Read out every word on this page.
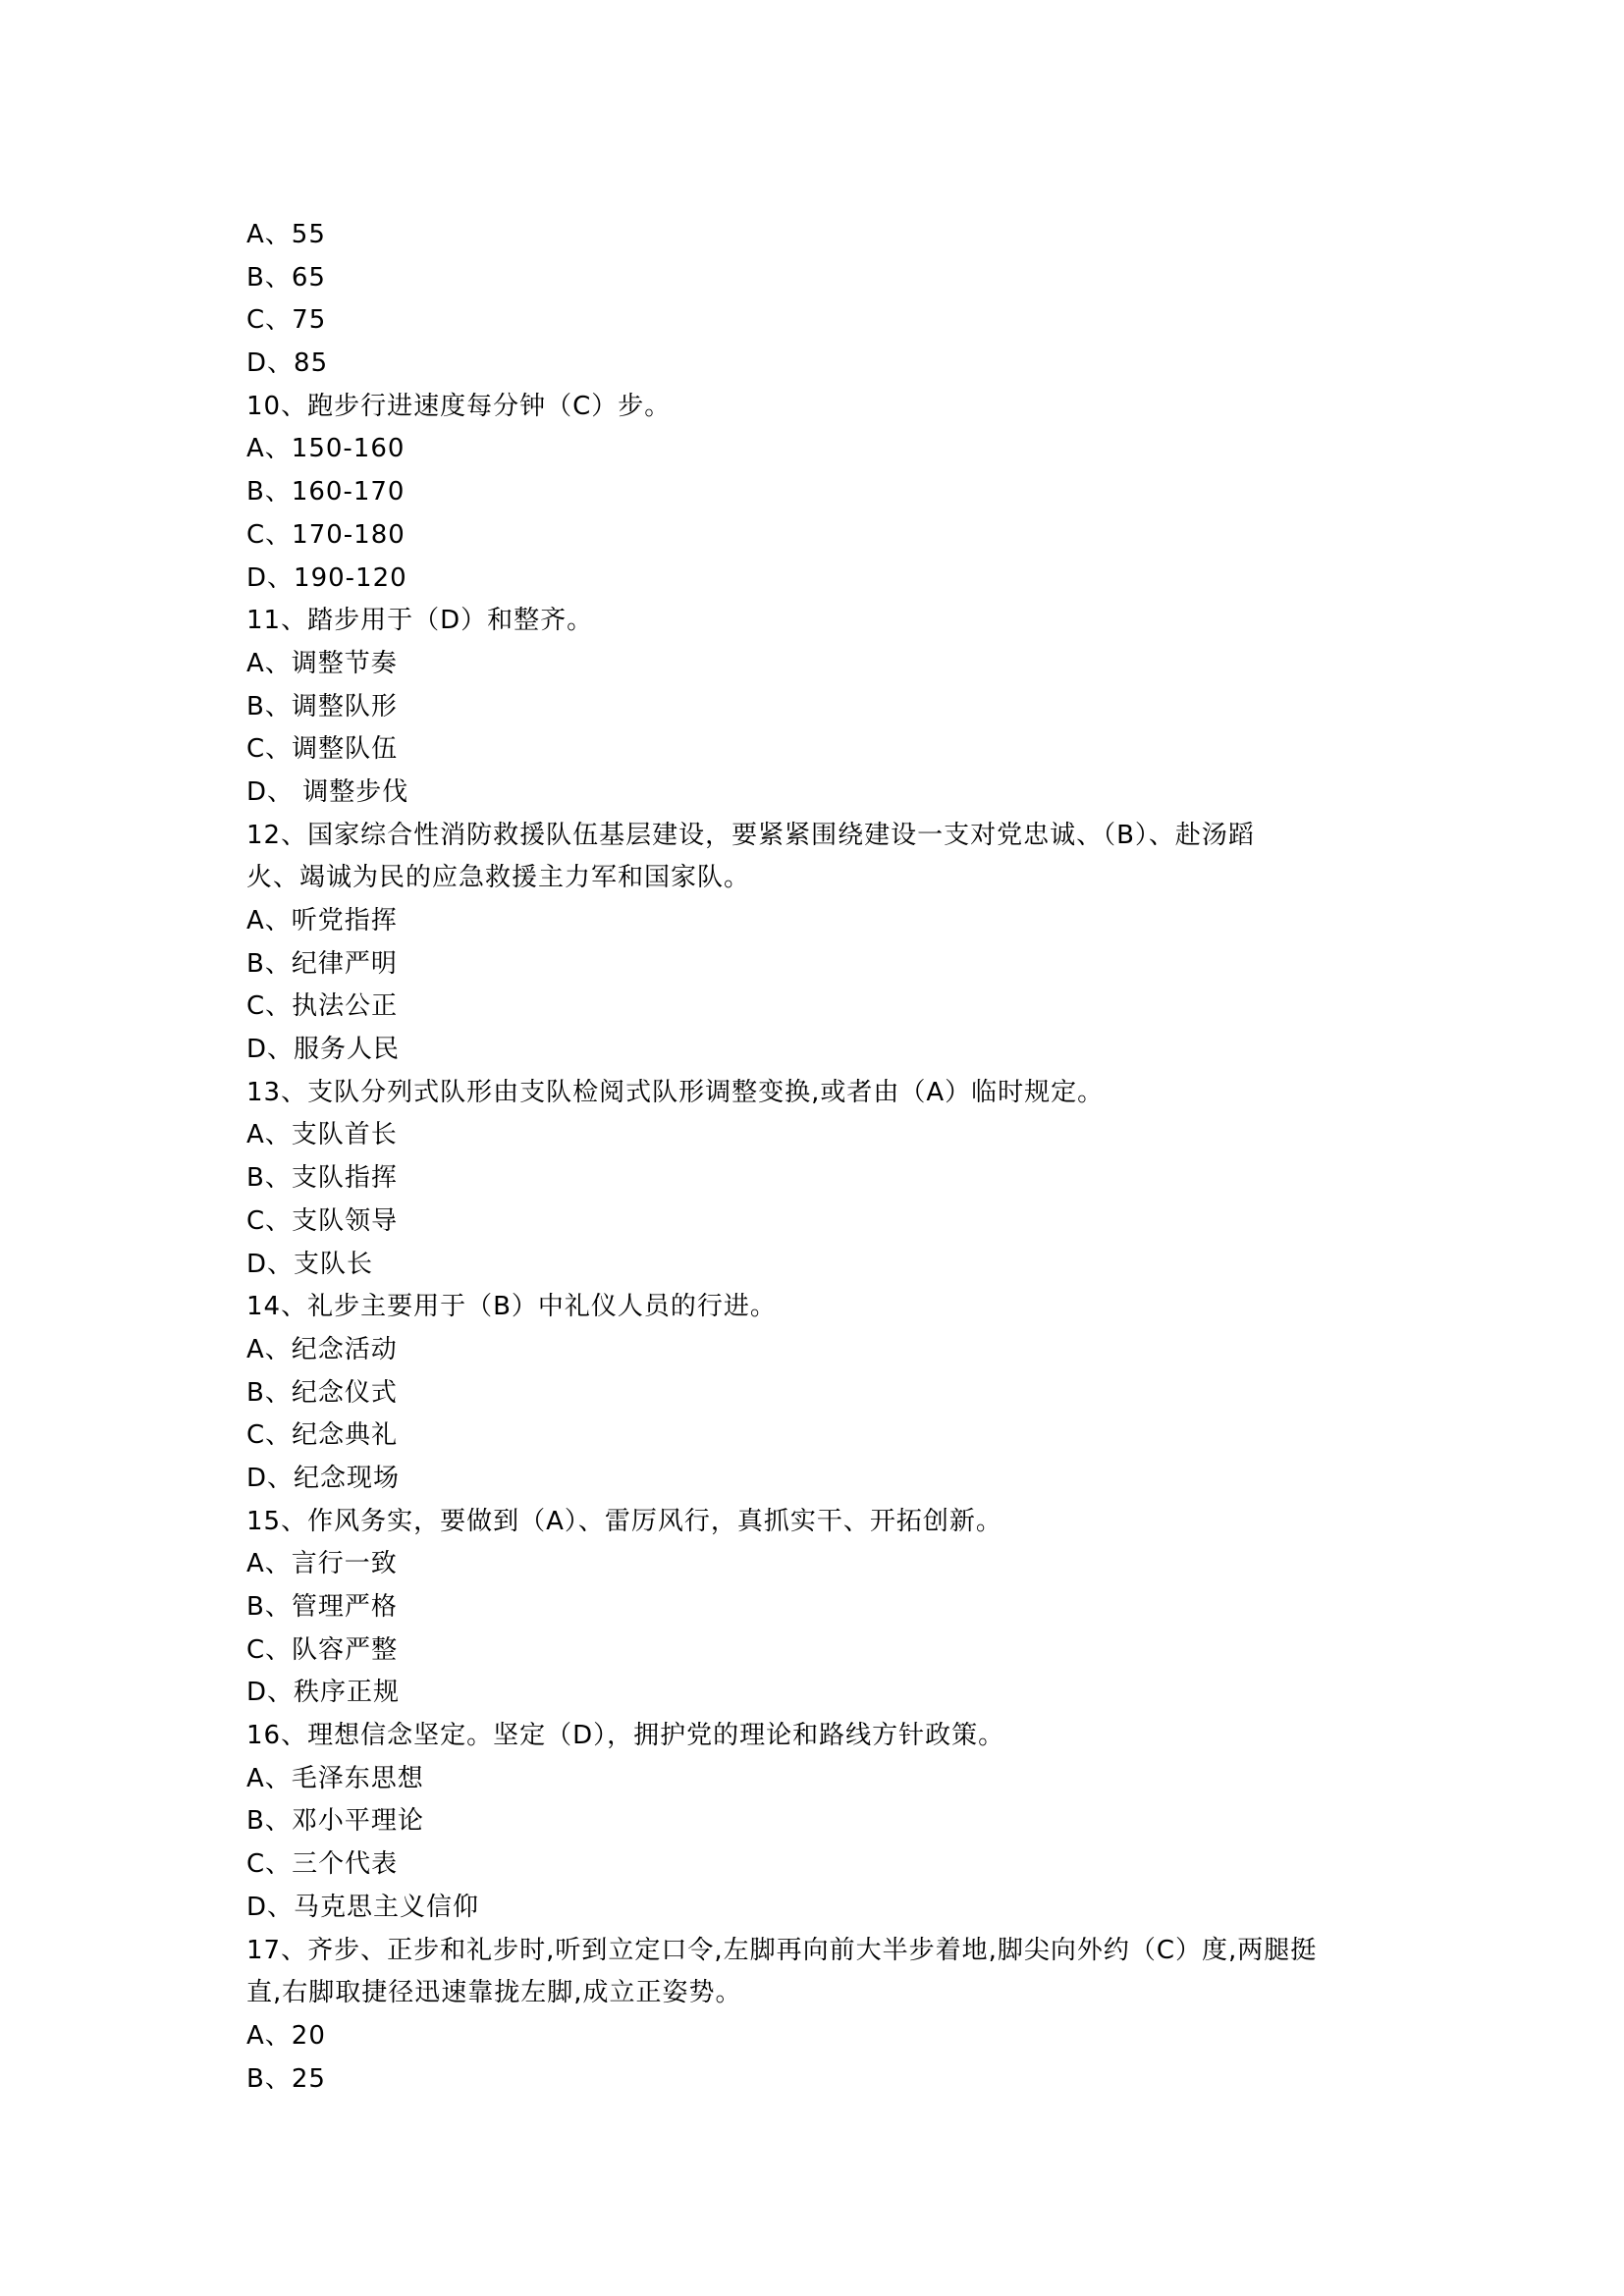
A、55
B、65
C、75
D、85
10、跑步行进速度每分钟（C）步。
A、150-160
B、160-170
C、170-180
D、190-120
11、踏步用于（D）和整齐。
A、调整节奏
B、调整队形
C、调整队伍
D、 调整步伐
12、国家综合性消防救援队伍基层建设，要紧紧围绕建设一支对党忠诚、（B）、赴汤蹈
火、竭诚为民的应急救援主力军和国家队。
A、听党指挥
B、纪律严明
C、执法公正
D、服务人民
13、支队分列式队形由支队检阅式队形调整变换,或者由（A）临时规定。
A、支队首长
B、支队指挥
C、支队领导
D、支队长
14、礼步主要用于（B）中礼仪人员的行进。
A、纪念活动
B、纪念仪式
C、纪念典礼
D、纪念现场
15、作风务实，要做到（A）、雷厉风行，真抓实干、开拓创新。
A、言行一致
B、管理严格
C、队容严整
D、秩序正规
16、理想信念坚定。坚定（D），拥护党的理论和路线方针政策。
A、毛泽东思想
B、邓小平理论
C、三个代表
D、马克思主义信仰
17、齐步、正步和礼步时,听到立定口令,左脚再向前大半步着地,脚尖向外约（C）度,两腿挺
直,右脚取捷径迅速靠拢左脚,成立正姿势。
A、20
B、25
